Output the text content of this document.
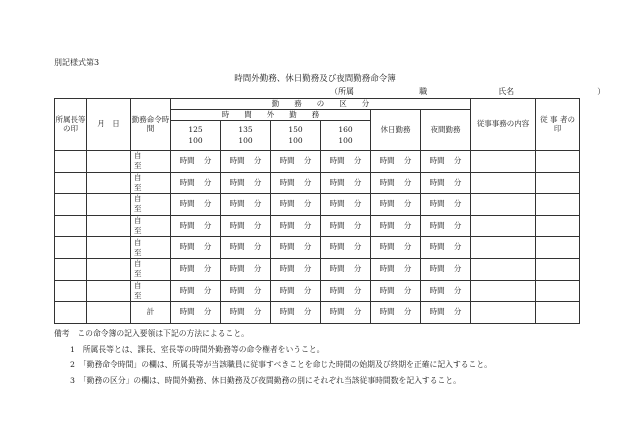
別記様式第3
時間外勤務、休日勤務及び夜間勤務命令簿
（所属	職	氏名	）
所属長等の印	月　日	勤務命令時　　間	勤　　務　　の　　区　　分						従事事務の内容	従 事 者の　　印
			時　　間　　外　　勤　　務				休日勤務	夜間勤務		

			125
100	135
100	150
100	160
100				

		自
至	時間 分	時間 分	時間 分	時間 分	時間 分	時間 分		

		自
至	時間 分	時間 分	時間 分	時間 分	時間 分	時間 分		

		自
至	時間 分	時間 分	時間 分	時間 分	時間 分	時間 分		

		自
至	時間 分	時間 分	時間 分	時間 分	時間 分	時間 分		

		自
至	時間 分	時間 分	時間 分	時間 分	時間 分	時間 分		

		自
至	時間 分	時間 分	時間 分	時間 分	時間 分	時間 分		

		自
至	時間 分	時間 分	時間 分	時間 分	時間 分	時間 分		

		計	時間 分	時間 分	時間 分	時間 分	時間 分	時間 分		

備考　この命令簿の記入要領は下記の方法によること。
1　所属長等とは、課長、室長等の時間外勤務等の命令権者をいうこと。
2　「勤務命令時間」の欄は、所属長等が当該職員に従事すべきことを命じた時間の始期及び終期を正確に記入すること。
3　「勤務の区分」の欄は、時間外勤務、休日勤務及び夜間勤務の別にそれぞれ当該従事時間数を記入すること。
